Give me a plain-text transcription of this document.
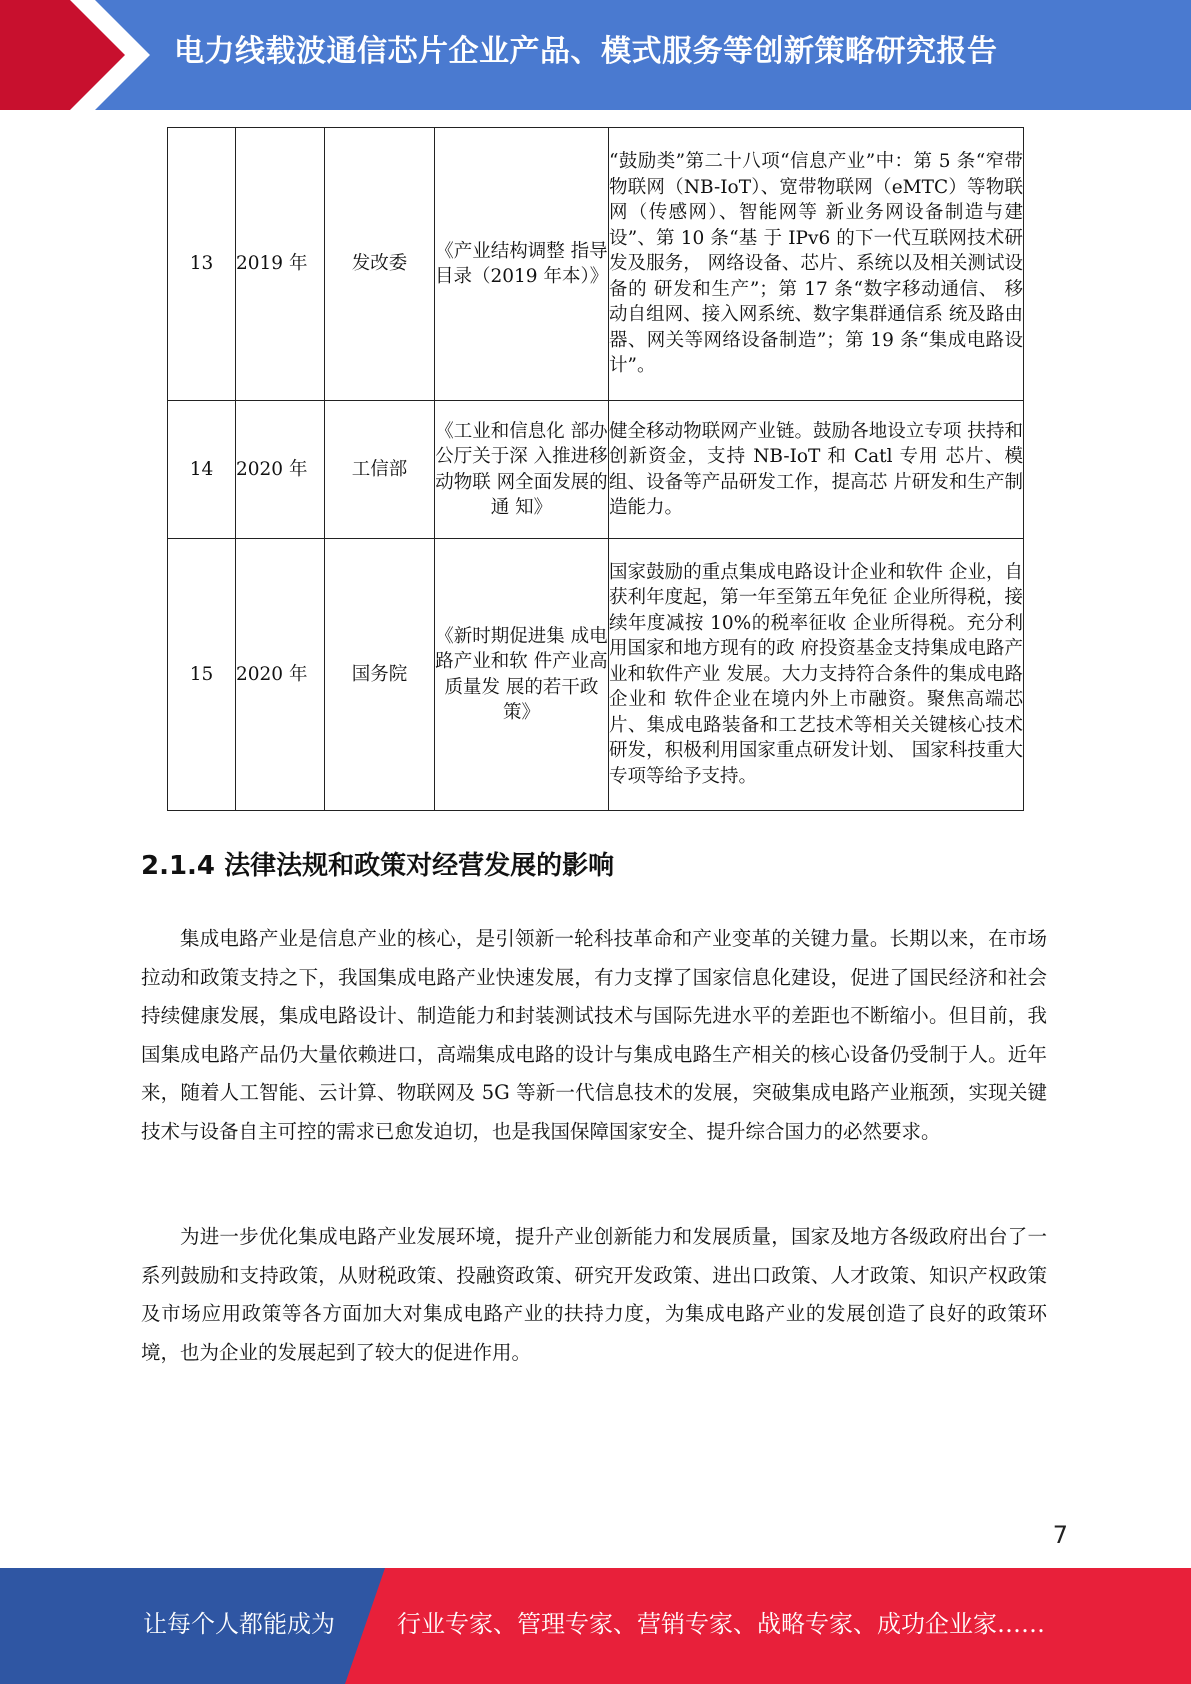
电力线载波通信芯片企业产品、模式服务等创新策略研究报告
13	2019 年	发改委	《产业结构调整 指导目录（2019 年本）》	“鼓励类”第二十八项“信息产业”中：第 5 条“窄带物联网（NB-IoT）、宽带物联网（eMTC）等物联网（传感网）、智能网等 新业务网设备制造与建设”、第 10 条“基 于 IPv6 的下一代互联网技术研发及服务， 网络设备、芯片、系统以及相关测试设备的 研发和生产”；第 17 条“数字移动通信、 移动自组网、接入网系统、数字集群通信系 统及路由器、网关等网络设备制造”；第 19 条“集成电路设计”。
14	2020 年	工信部	《工业和信息化 部办公厅关于深 入推进移动物联 网全面发展的通 知》	健全移动物联网产业链。鼓励各地设立专项 扶持和创新资金，支持 NB-IoT 和 Catl 专用 芯片、模组、设备等产品研发工作，提高芯 片研发和生产制造能力。
15	2020 年	国务院	《新时期促进集 成电路产业和软 件产业高质量发 展的若干政策》	国家鼓励的重点集成电路设计企业和软件 企业，自获利年度起，第一年至第五年免征 企业所得税，接续年度减按 10%的税率征收 企业所得税。充分利用国家和地方现有的政 府投资基金支持集成电路产业和软件产业 发展。大力支持符合条件的集成电路企业和 软件企业在境内外上市融资。聚焦高端芯 片、集成电路装备和工艺技术等相关关键核心技术研发，积极利用国家重点研发计划、 国家科技重大专项等给予支持。
2.1.4 法律法规和政策对经营发展的影响

集成电路产业是信息产业的核心，是引领新一轮科技革命和产业变革的关键力量。长期以来，在市场拉动和政策支持之下，我国集成电路产业快速发展，有力支撑了国家信息化建设，促进了国民经济和社会持续健康发展，集成电路设计、制造能力和封装测试技术与国际先进水平的差距也不断缩小。但目前，我国集成电路产品仍大量依赖进口，高端集成电路的设计与集成电路生产相关的核心设备仍受制于人。近年来，随着人工智能、云计算、物联网及 5G 等新一代信息技术的发展，突破集成电路产业瓶颈，实现关键技术与设备自主可控的需求已愈发迫切，也是我国保障国家安全、提升综合国力的必然要求。

为进一步优化集成电路产业发展环境，提升产业创新能力和发展质量，国家及地方各级政府出台了一系列鼓励和支持政策，从财税政策、投融资政策、研究开发政策、进出口政策、人才政策、知识产权政策及市场应用政策等各方面加大对集成电路产业的扶持力度，为集成电路产业的发展创造了良好的政策环境，也为企业的发展起到了较大的促进作用。

7
让每个人都能成为	行业专家、管理专家、营销专家、战略专家、成功企业家……
